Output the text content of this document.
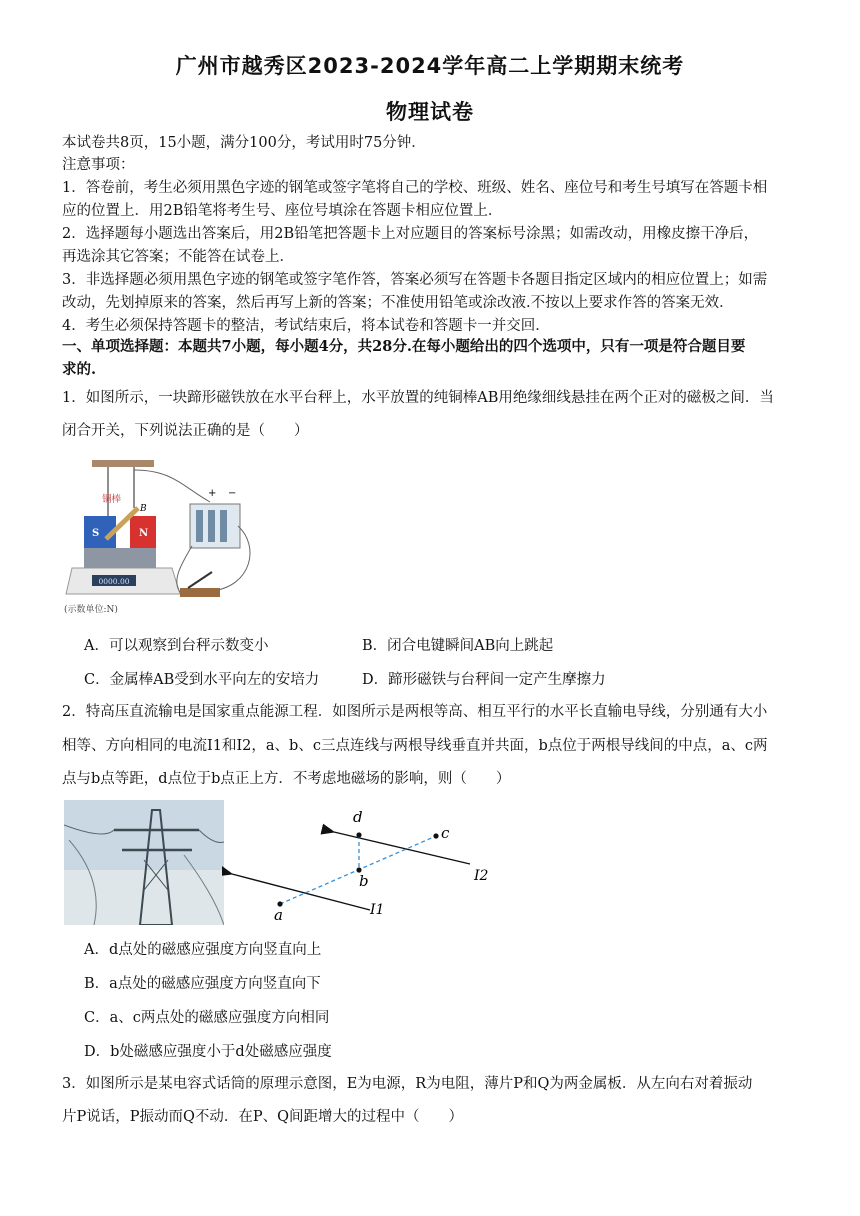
广州市越秀区2023-2024学年高二上学期期末统考
物理试卷
本试卷共8页，15小题，满分100分，考试用时75分钟．
注意事项：
1．答卷前，考生必须用黑色字迹的钢笔或签字笔将自己的学校、班级、姓名、座位号和考生号填写在答题卡相
应的位置上．用2B铅笔将考生号、座位号填涂在答题卡相应位置上．
2．选择题每小题选出答案后，用2B铅笔把答题卡上对应题目的答案标号涂黑；如需改动，用橡皮擦干净后，
再选涂其它答案；不能答在试卷上．
3．非选择题必须用黑色字迹的钢笔或签字笔作答，答案必须写在答题卡各题目指定区域内的相应位置上；如需
改动，先划掉原来的答案，然后再写上新的答案；不准使用铅笔或涂改液.不按以上要求作答的答案无效．
4．考生必须保持答题卡的整洁，考试结束后，将本试卷和答题卡一并交回．
一、单项选择题：本题共7小题，每小题4分，共28分.在每小题给出的四个选项中，只有一项是符合题目要
求的.
1．如图所示，一块蹄形磁铁放在水平台秤上，水平放置的纯铜棒AB用绝缘细线悬挂在两个正对的磁极之间．当
闭合开关，下列说法正确的是（　　）
0000.00
S	N
铜棒
B
A
+ −
(示数单位:N)
A．可以观察到台秤示数变小	B．闭合电键瞬间AB向上跳起
C．金属棒AB受到水平向左的安培力	D．蹄形磁铁与台秤间一定产生摩擦力
2．特高压直流输电是国家重点能源工程．如图所示是两根等高、相互平行的水平长直输电导线，分别通有大小
相等、方向相同的电流I1和I2，a、b、c三点连线与两根导线垂直并共面，b点位于两根导线间的中点，a、c两
点与b点等距，d点位于b点正上方．不考虑地磁场的影响，则（　　）
a
b
c
d
I1
I2
A．d点处的磁感应强度方向竖直向上
B．a点处的磁感应强度方向竖直向下
C．a、c两点处的磁感应强度方向相同
D．b处磁感应强度小于d处磁感应强度
3．如图所示是某电容式话筒的原理示意图，E为电源，R为电阻，薄片P和Q为两金属板．从左向右对着振动
片P说话，P振动而Q不动．在P、Q间距增大的过程中（　　）
